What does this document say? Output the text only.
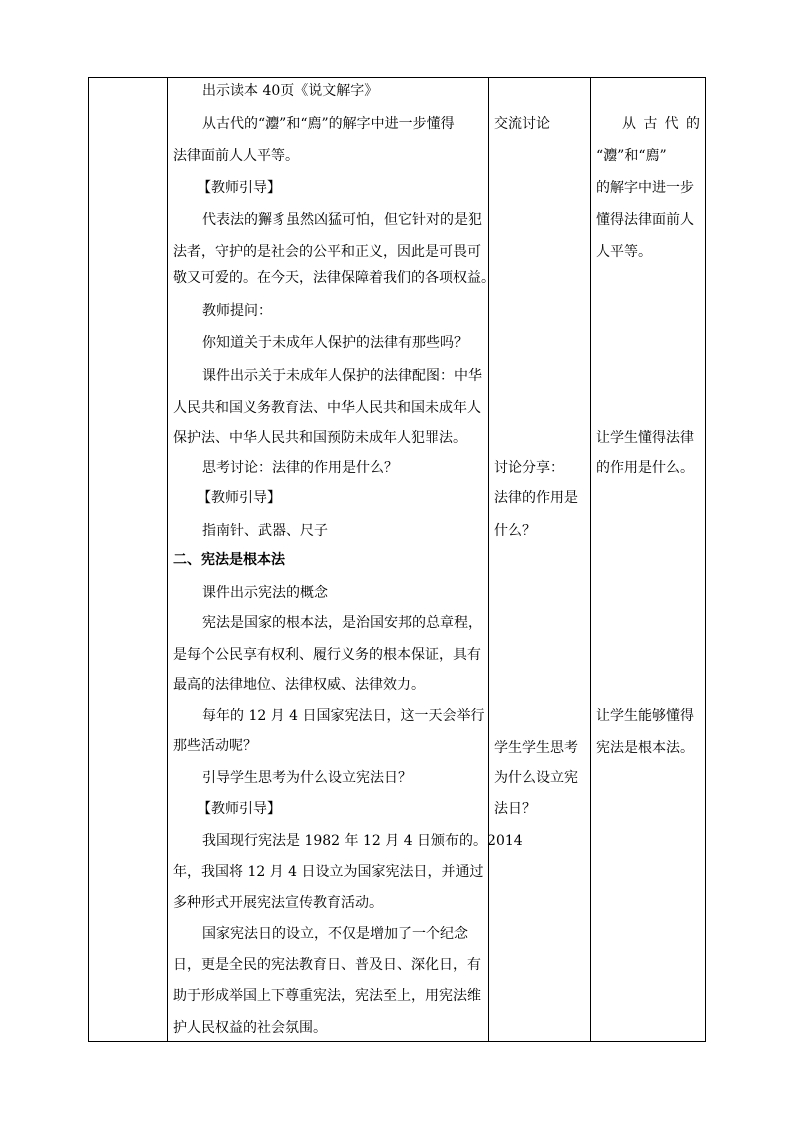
出示读本 40页《说文解字》
从古代的“灋”和“廌”的解字中进一步懂得
法律面前人人平等。
【教师引导】
代表法的獬豸虽然凶猛可怕，但它针对的是犯
法者，守护的是社会的公平和正义，因此是可畏可
敬又可爱的。在今天，法律保障着我们的各项权益。
教师提问：
你知道关于未成年人保护的法律有那些吗？
课件出示关于未成年人保护的法律配图：中华
人民共和国义务教育法、中华人民共和国未成年人
保护法、中华人民共和国预防未成年人犯罪法。
思考讨论：法律的作用是什么？
【教师引导】
指南针、武器、尺子
二、宪法是根本法
课件出示宪法的概念
宪法是国家的根本法，是治国安邦的总章程，
是每个公民享有权利、履行义务的根本保证，具有
最高的法律地位、法律权威、法律效力。
每年的 12 月 4 日国家宪法日，这一天会举行
那些活动呢？
引导学生思考为什么设立宪法日？
【教师引导】
我国现行宪法是 1982 年 12 月 4 日颁布的。2014
年，我国将 12 月 4 日设立为国家宪法日，并通过
多种形式开展宪法宣传教育活动。
国家宪法日的设立，不仅是增加了一个纪念
日，更是全民的宪法教育日、普及日、深化日，有
助于形成举国上下尊重宪法，宪法至上，用宪法维
护人民权益的社会氛围。
交流讨论
讨论分享：
法律的作用是
什么？
学生学生思考
为什么设立宪
法日？
从 古 代 的
“灋”和“廌”
的解字中进一步
懂得法律面前人
人平等。
让学生懂得法律
的作用是什么。
让学生能够懂得
宪法是根本法。
